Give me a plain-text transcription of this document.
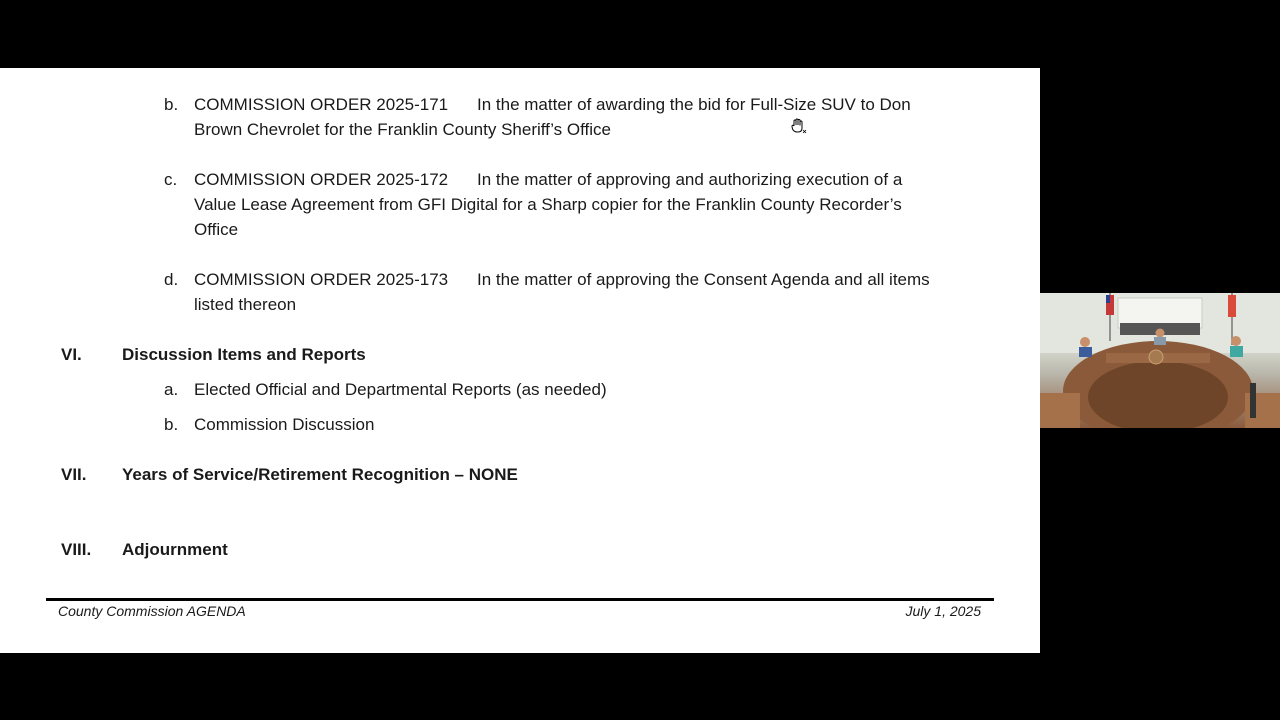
b. COMMISSION ORDER 2025-171 In the matter of awarding the bid for Full-Size SUV to Don
Brown Chevrolet for the Franklin County Sheriff’s Office
c. COMMISSION ORDER 2025-172 In the matter of approving and authorizing execution of a
Value Lease Agreement from GFI Digital for a Sharp copier for the Franklin County Recorder’s
Office
d. COMMISSION ORDER 2025-173 In the matter of approving the Consent Agenda and all items
listed thereon
VI. Discussion Items and Reports
a. Elected Official and Departmental Reports (as needed)
b. Commission Discussion
VII. Years of Service/Retirement Recognition – NONE
VIII. Adjournment
County Commission AGENDA	July 1, 2025
